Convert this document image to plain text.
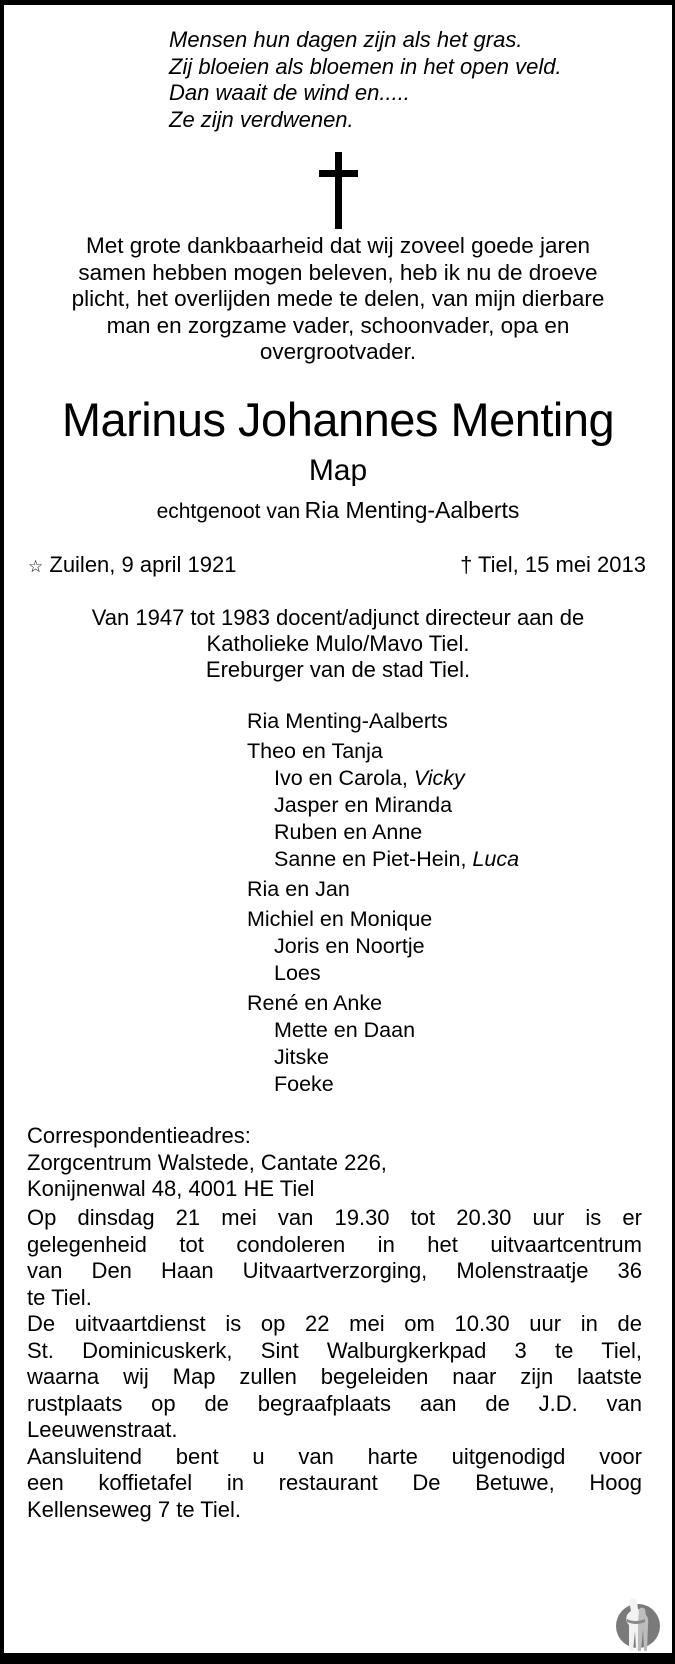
Mensen hun dagen zijn als het gras.
Zij bloeien als bloemen in het open veld.
Dan waait de wind en.....
Ze zijn verdwenen.
Met grote dankbaarheid dat wij zoveel goede jaren
samen hebben mogen beleven, heb ik nu de droeve
plicht, het overlijden mede te delen, van mijn dierbare
man en zorgzame vader, schoonvader, opa en
overgrootvader.
Marinus Johannes Menting
Map
echtgenoot van Ria Menting-Aalberts
☆ Zuilen, 9 april 1921	† Tiel, 15 mei 2013
Van 1947 tot 1983 docent/adjunct directeur aan de
Katholieke Mulo/Mavo Tiel.
Ereburger van de stad Tiel.
Ria Menting-Aalberts
Theo en Tanja
Ivo en Carola, Vicky
Jasper en Miranda
Ruben en Anne
Sanne en Piet-Hein, Luca
Ria en Jan
Michiel en Monique
Joris en Noortje
Loes
René en Anke
Mette en Daan
Jitske
Foeke
Correspondentieadres:
Zorgcentrum Walstede, Cantate 226,
Konijnenwal 48, 4001 HE Tiel
Op dinsdag 21 mei van 19.30 tot 20.30 uur is er
gelegenheid tot condoleren in het uitvaartcentrum
van Den Haan Uitvaartverzorging, Molenstraatje 36
te Tiel.
De uitvaartdienst is op 22 mei om 10.30 uur in de
St. Dominicuskerk, Sint Walburgkerkpad 3 te Tiel,
waarna wij Map zullen begeleiden naar zijn laatste
rustplaats op de begraafplaats aan de J.D. van
Leeuwenstraat.
Aansluitend bent u van harte uitgenodigd voor
een koffietafel in restaurant De Betuwe, Hoog
Kellenseweg 7 te Tiel.
